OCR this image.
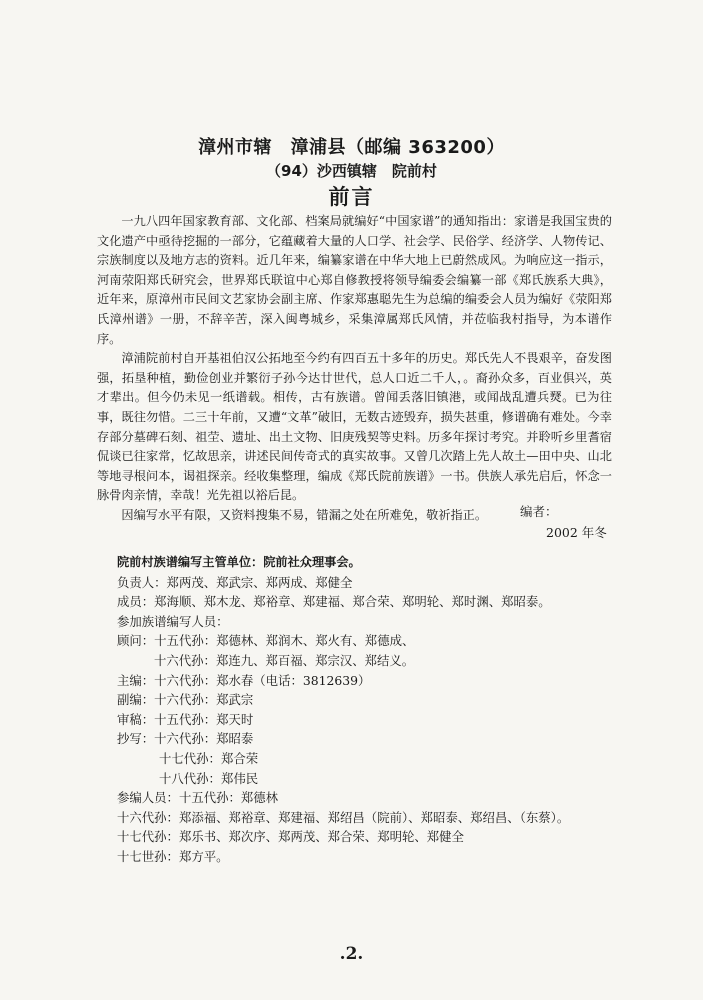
漳州市辖　漳浦县（邮编 363200）
（94）沙西镇辖　院前村
前言

一九八四年国家教育部、文化部、档案局就编好“中国家谱”的通知指出：家谱是我国宝贵的文化遗产中亟待挖掘的一部分，它蕴藏着大量的人口学、社会学、民俗学、经济学、人物传记、宗族制度以及地方志的资料。近几年来，编纂家谱在中华大地上已蔚然成风。为响应这一指示，河南荥阳郑氏研究会，世界郑氏联谊中心郑自修教授将领导编委会编纂一部《郑氏族系大典》，近年来，原漳州市民间文艺家协会副主席、作家郑惠聪先生为总编的编委会人员为编好《荥阳郑氏漳州谱》一册，不辞辛苦，深入闽粤城乡，采集漳属郑氏风情，并莅临我村指导，为本谱作序。

漳浦院前村自开基祖伯汉公拓地至今约有四百五十多年的历史。郑氏先人不畏艰辛，奋发图强，拓垦种植，勤俭创业并繁衍子孙今达廿世代，总人口近二千人，。裔孙众多，百业俱兴，英才辈出。但今仍未见一纸谱载。相传，古有族谱。曾闻丢落旧镇港，或闻战乱遭兵燹。已为往事，既往勿惜。二三十年前，又遭“文革”破旧，无数古迹毁弃，损失甚重，修谱确有难处。今幸存部分墓碑石刻、祖茔、遗址、出土文物、旧庚残契等史料。历多年探讨考究。并聆听乡里耆宿侃谈已往家常，忆故思亲，讲述民间传奇式的真实故事。又曾几次踏上先人故土—田中央、山北等地寻根问本，谒祖探亲。经收集整理，编成《郑氏院前族谱》一书。供族人承先启后，怀念一脉骨肉亲情，幸哉！光先祖以裕后昆。

因编写水平有限，又资料搜集不易，错漏之处在所难免，敬祈指正。	编者：
2002 年冬
院前村族谱编写主管单位：院前社众理事会。
负责人：郑两茂、郑武宗、郑两成、郑健全
成员：郑海顺、郑木龙、郑裕章、郑建福、郑合荣、郑明轮、郑时渊、郑昭泰。
参加族谱编写人员：
顾问：十五代孙：郑德林、郑润木、郑火有、郑德成、
十六代孙：郑连九、郑百福、郑宗汉、郑结义。
主编：十六代孙：郑水春（电话：3812639）
副编：十六代孙：郑武宗
审稿：十五代孙：郑天时
抄写：十六代孙：郑昭泰
十七代孙：郑合荣
十八代孙：郑伟民
参编人员：十五代孙：郑德林
十六代孙：郑添福、郑裕章、郑建福、郑绍昌（院前）、郑昭泰、郑绍昌、（东蔡）。
十七代孙：郑乐书、郑次序、郑两茂、郑合荣、郑明轮、郑健全
十七世孙：郑方平。
.2.
